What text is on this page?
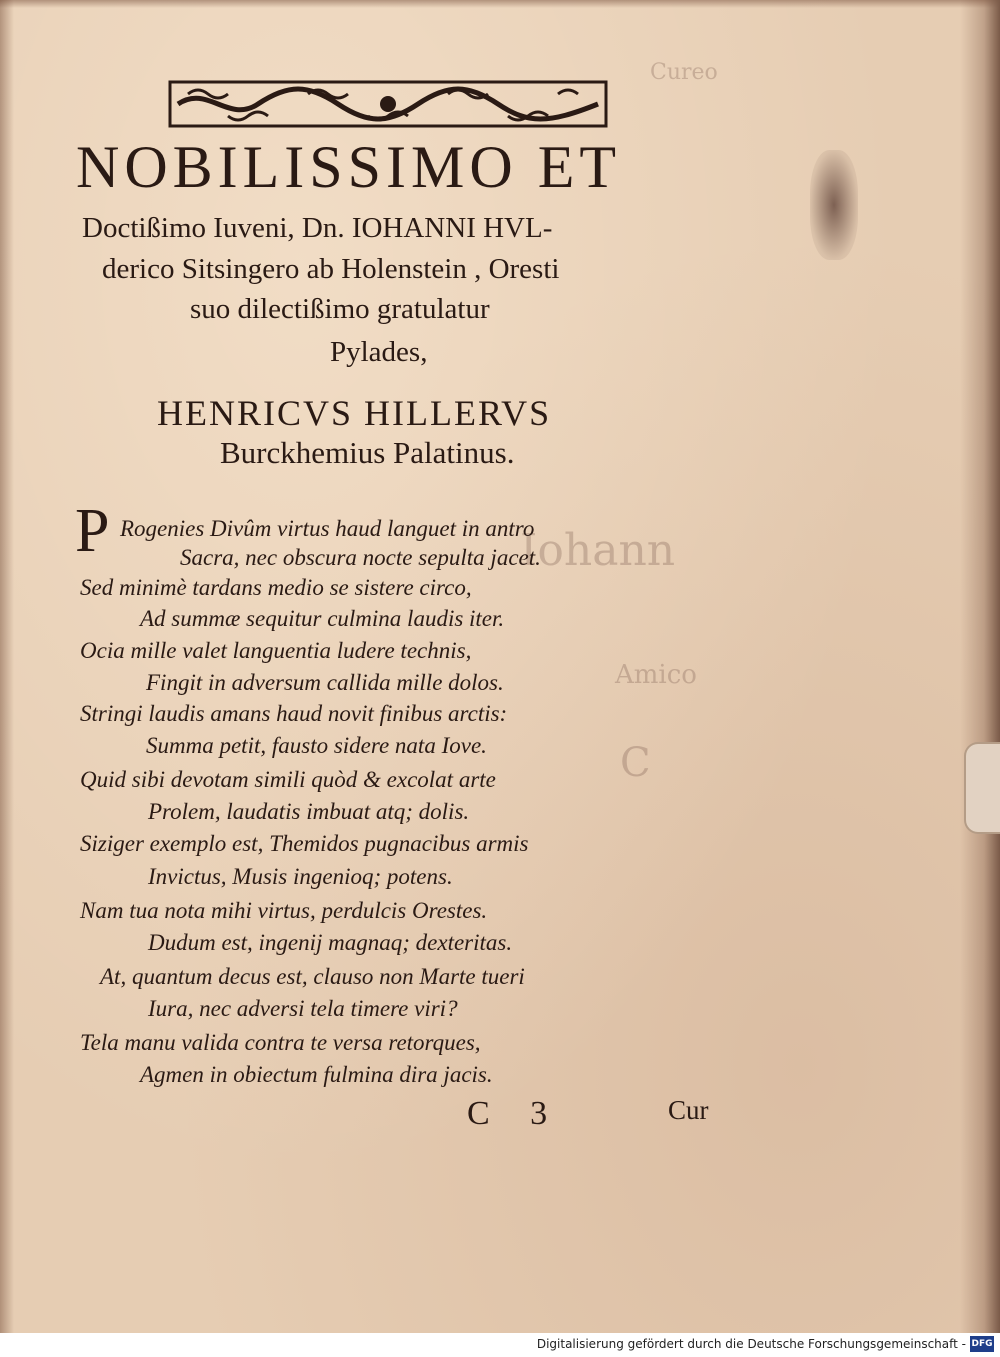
Cureo
Iohann
Amico
C
NOBILISSIMO ET
Doctißimo Iuveni, Dn. IOHANNI HVL-
derico Sitsingero ab Holenstein , Oresti
suo dilectißimo gratulatur
Pylades,
HENRICVS HILLERVS
Burckhemius Palatinus.
P Rogenies Divûm virtus haud languet in antro
Sacra, nec obscura nocte sepulta jacet.
Sed minimè tardans medio se sistere circo,
Ad summæ sequitur culmina laudis iter.
Ocia mille valet languentia ludere technis,
Fingit in adversum callida mille dolos.
Stringi laudis amans haud novit finibus arctis:
Summa petit, fausto sidere nata Iove.
Quid sibi devotam simili quòd & excolat arte
Prolem, laudatis imbuat atq; dolis.
Siziger exemplo est, Themidos pugnacibus armis
Invictus, Musis ingenioq; potens.
Nam tua nota mihi virtus, perdulcis Orestes.
Dudum est, ingenij magnaq; dexteritas.
At, quantum decus est, clauso non Marte tueri
Iura, nec adversi tela timere viri?
Tela manu valida contra te versa retorques,
Agmen in obiectum fulmina dira jacis.
C 3	Cur
Digitalisierung gefördert durch die Deutsche Forschungsgemeinschaft - DFG
